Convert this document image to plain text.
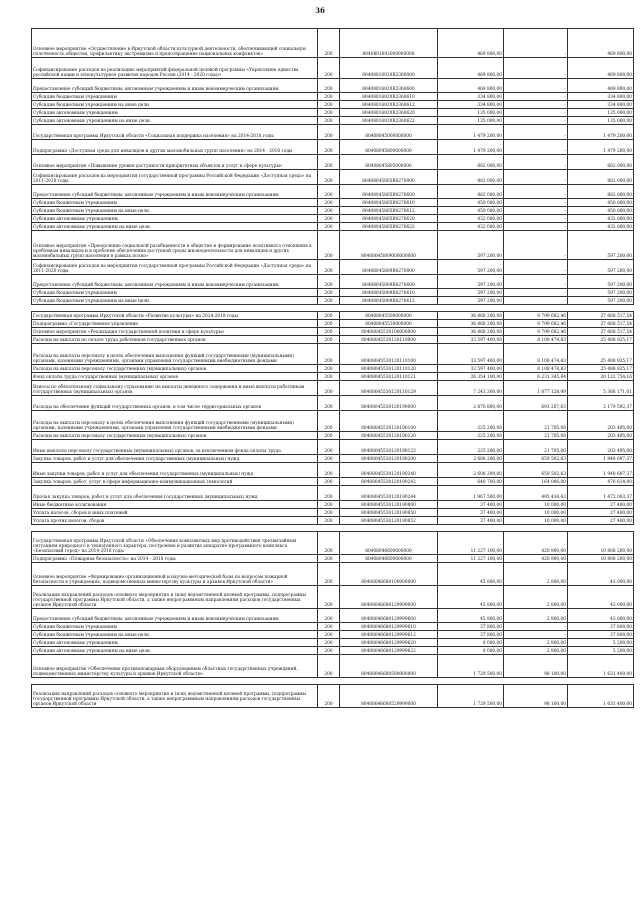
36
Основное мероприятие «Осуществление в Иркутской области культурной деятельности, обеспечивающей социальную сплоченность общества, профилактику экстремизма и предотвращение национальных конфликтов»	200	8040801692000000000	469 800,00	-	469 800,00
Софинансирование расходов на реализацию мероприятий федеральной целевой программы «Укрепление единства российской нации и этнокультурное развитие народов России (2014 - 2020 годы)»	200	80408016920R2360000	469 800,00	-	469 800,00
Предоставление субсидий бюджетным, автономным учреждениям и иным некоммерческим организациям	200	80408016920R2360600	469 800,00	-	469 800,00
Субсидии бюджетным учреждениям	200	80408016920R2360610	334 800,00	-	334 800,00
Субсидии бюджетным учреждениям на иные цели	200	80408016920R2360612	334 800,00	-	334 800,00
Субсидии автономным учреждениям	200	80408016920R2360620	135 000,00	-	135 000,00
Субсидии автономным учреждениям на иные цели	200	80408016920R2360622	135 000,00	-	135 000,00
Государственная программа Иркутской области «Социальная поддержка населения» на 2014-2018 годы	200	80408045000000000	1 479 200,00	-	1 479 200,00
Подпрограмма «Доступная среда для инвалидов и других маломобильных групп населения» на 2014 - 2018 годы	200	80408045800000000	1 479 200,00	-	1 479 200,00
Основное мероприятие «Повышение уровня доступности приоритетных объектов и услуг в сфере культуры»	200	80408045805000000	882 000,00	-	882 000,00
Софинансирование расходов на мероприятия государственной программы Российской Федерации «Доступная среда» на 2011-2020 годы	200	80408045805R0270000	882 000,00	-	882 000,00
Предоставление субсидий бюджетным, автономным учреждениям и иным некоммерческим организациям	200	80408045805R0270600	882 000,00	-	882 000,00
Субсидии бюджетным учреждениям	200	80408045805R0270610	450 000,00	-	450 000,00
Субсидии бюджетным учреждениям на иные цели	200	80408045805R0270612	450 000,00	-	450 000,00
Субсидии автономным учреждениям	200	80408045805R0270620	432 000,00	-	432 000,00
Субсидии автономным учреждениям на иные цели	200	80408045805R0270622	432 000,00	-	432 000,00
Основное мероприятие «Преодоление социальной разобщенности в обществе и формирование позитивного отношения к проблемам инвалидов и к проблеме обеспечения доступной среды жизнедеятельности для инвалидов и других маломобильных групп населения в рамках полно»	200	80408045809000000000	597 200,00	-	597 200,00
Софинансирование расходов на мероприятия государственной программы Российской Федерации «Доступная среда» на 2011-2020 годы	200	80408045809R0270000	597 200,00	-	597 200,00
Предоставление субсидий бюджетным, автономным учреждениям и иным некоммерческим организациям	200	80408045809R0270600	597 200,00	-	597 200,00
Субсидии бюджетным учреждениям	200	80408045809R0270610	597 200,00	-	597 200,00
Субсидии бюджетным учреждениям на иные цели	200	80408045809R0270612	597 200,00	-	597 200,00

Государственная программа Иркутской области «Развитие культуры» на 2014-2018 годы	200	80408045500000000	36 468 200,00	8 799 682,46	27 668 517,54
Подпрограмма «Государственное управление	200	80408045530000000	36 468 200,00	8 799 682,46	27 668 517,54
Основное мероприятие «Реализация государственной политики в сфере культуры»	200	80408045530100000000	36 468 200,00	8 799 682,46	27 668 517,54
Расходы на выплаты по оплате труда работников государственных органов	200	80408045530120110000	33 597 400,00	8 108 474,83	25 488 925,17
Расходы на выплаты персоналу в целях обеспечения выполнения функций государственными (муниципальными) органами, казенными учреждениями, органами управления государственными внебюджетными фондами	200	80408045530120110100	33 597 400,00	8 108 474,83	25 488 925,17
Расходы на выплаты персоналу государственных (муниципальных) органов	200	80408045530120110120	33 597 400,00	8 108 474,83	25 488 925,17
Фонд оплаты труда государственных (муниципальных) органов	200	80408045530120110121	26 354 100,00	6 231 345,84	20 122 754,16
Взносы по обязательному социальному страхованию на выплаты денежного содержания и иные выплаты работникам государственных (муниципальных) органов	200	80408045530120110129	7 243 300,00	1 877 128,99	5 366 171,01
Расходы на обеспечение функций государственных органов, в том числе территориальных органов	200	80408045530120190000	2 870 800,00	691 207,63	2 179 592,37
Расходы на выплаты персоналу в целях обеспечения выполнения функций государственными (муниципальными) органами, казенными учреждениями, органами управления государственными внебюджетными фондами	200	80408045530120190100	225 200,00	21 705,00	203 495,00
Расходы на выплаты персоналу государственных (муниципальных) органов	200	80408045530120190120	225 200,00	21 705,00	203 495,00
Иные выплаты персоналу государственных (муниципальных) органов, за исключением фонда оплаты труда	200	80408045530120190122	225 200,00	21 705,00	203 495,00
Закупка товаров, работ и услуг для обеспечения государственных (муниципальных) нужд	200	80408045530120190200	2 608 200,00	659 502,63	1 948 697,37
Иные закупки товаров, работ и услуг для обеспечения государственных (муниципальных) нужд	200	80408045530120190240	2 608 200,00	659 502,63	1 948 697,37
Закупка товаров, работ, услуг в сфере информационно-коммуникационных технологий	200	80408045530120190242	640 700,00	164 086,00	476 614,00
Прочая закупка товаров, работ и услуг для обеспечения государственных (муниципальных) нужд	200	80408045530120190244	1 967 500,00	495 416,63	1 472 083,37
Иные бюджетные ассигнования	200	80408045530120190800	37 400,00	10 000,00	27 400,00
Уплата налогов, сборов и иных платежей	200	80408045530120190850	37 400,00	10 000,00	27 400,00
Уплата прочих налогов, сборов	200	80408045530120190852	37 400,00	10 000,00	27 400,00

Государственная программа Иркутской области «Обеспечение комплексных мер противодействия чрезвычайным ситуациям природного и техногенного характера, построение и развитие аппаратно-программного комплекса «Безопасный город» на 2014-2018 годы	200	80408046600000000	11 227 100,00	420 900,00	10 806 200,00
Подпрограмма «Пожарная безопасность» на 2014 - 2018 годы	200	80408046600000000	11 227 100,00	420 900,00	10 806 200,00
Основное мероприятие «Формирование организационной и научно-методической базы по вопросам пожарной безопасности в учреждениях, подведомственных министерству культуры и архивов Иркутской области»	200	80408046680100000000	45 800,00	2 800,00	43 000,00
Реализация направлений расходов основного мероприятия и (или) ведомственной целевой программы, подпрограммы государственной программы Иркутской области, а также непрограммным направлениям расходов государственных органов Иркутской области	200	80408046680129999000	45 800,00	2 800,00	43 000,00
Предоставление субсидий бюджетным, автономным учреждениям и иным некоммерческим организациям	200	80408046680129999600	45 800,00	2 800,00	43 000,00
Субсидии бюджетным учреждениям	200	80408046680129999610	37 800,00	-	37 800,00
Субсидии бюджетным учреждениям на иные цели	200	80408046680129999612	37 800,00	-	37 800,00
Субсидии автономным учреждениям	200	80408046680129999620	8 000,00	2 800,00	5 200,00
Субсидии автономным учреждениям на иные цели	200	80408046680129999622	8 000,00	2 800,00	5 200,00
Основное мероприятие «Обеспечение противопожарным оборудованием областных государственных учреждений, подведомственных министерству культуры и архивов Иркутской области»	200	80408046680500000000	1 729 500,00	98 100,00	1 631 400,00

Реализация направлений расходов основного мероприятия и (или) ведомственной целевой программы, подпрограммы государственной программы Иркутской области, а также непрограммным направлениям расходов государственных органов Иркутской области	200	80408046680529999000	1 729 500,00	98 100,00	1 631 400,00
